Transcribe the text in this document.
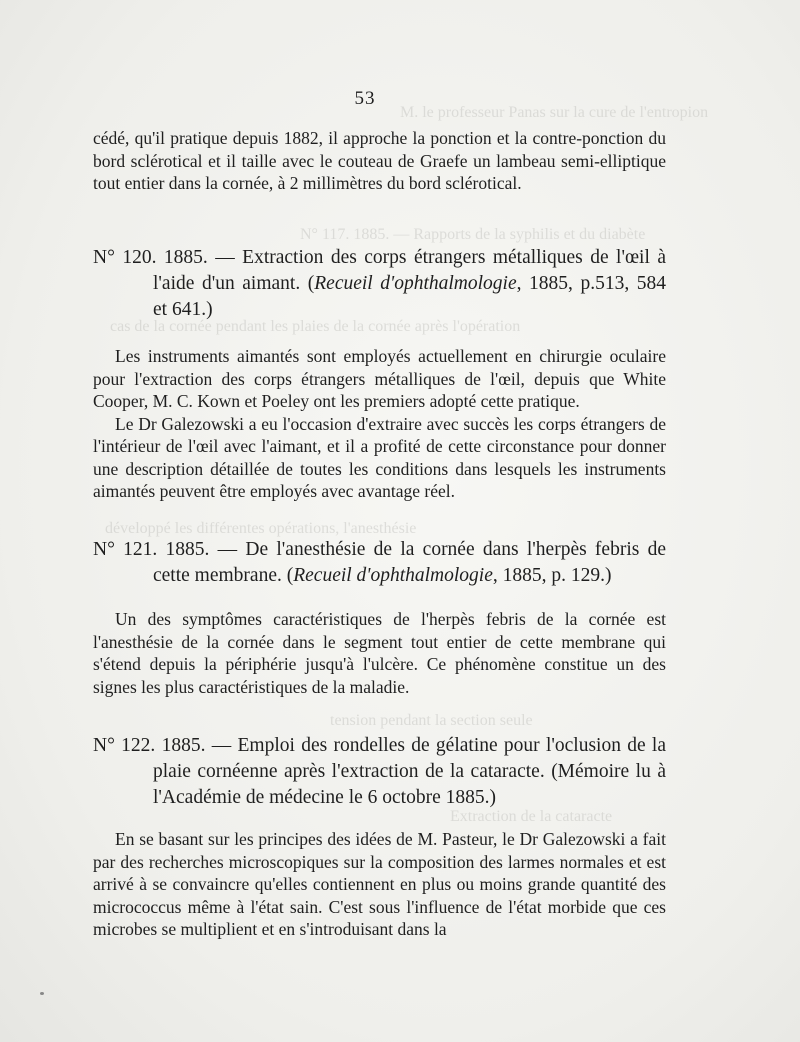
M. le professeur Panas sur la cure de l'entropion
N° 117. 1885. — Rapports de la syphilis et du diabète
cas de la cornée pendant les plaies de la cornée après l'opération
développé les différentes opérations, l'anesthésie
tension pendant la section seule
Extraction de la cataracte
53

cédé, qu'il pratique depuis 1882, il approche la ponction et la contre-ponction du bord sclérotical et il taille avec le couteau de Graefe un lambeau semi-elliptique tout entier dans la cornée, à 2 millimètres du bord sclérotical.

N° 120. 1885. — Extraction des corps étrangers métalliques de l'œil à l'aide d'un aimant. (Recueil d'ophthalmologie, 1885, p.513, 584 et 641.)

Les instruments aimantés sont employés actuellement en chirurgie oculaire pour l'extraction des corps étrangers métalliques de l'œil, depuis que White Cooper, M. C. Kown et Poeley ont les premiers adopté cette pratique.

Le Dr Galezowski a eu l'occasion d'extraire avec succès les corps étrangers de l'intérieur de l'œil avec l'aimant, et il a profité de cette circonstance pour donner une description détaillée de toutes les conditions dans lesquels les instruments aimantés peuvent être employés avec avantage réel.

N° 121. 1885. — De l'anesthésie de la cornée dans l'herpès febris de cette membrane. (Recueil d'ophthalmologie, 1885, p. 129.)

Un des symptômes caractéristiques de l'herpès febris de la cornée est l'anesthésie de la cornée dans le segment tout entier de cette membrane qui s'étend depuis la périphérie jusqu'à l'ulcère. Ce phénomène constitue un des signes les plus caractéristiques de la maladie.

N° 122. 1885. — Emploi des rondelles de gélatine pour l'oclusion de la plaie cornéenne après l'extraction de la cataracte. (Mémoire lu à l'Académie de médecine le 6 octobre 1885.)

En se basant sur les principes des idées de M. Pasteur, le Dr Galezowski a fait par des recherches microscopiques sur la composition des larmes normales et est arrivé à se convaincre qu'elles contiennent en plus ou moins grande quantité des micrococcus même à l'état sain. C'est sous l'influence de l'état morbide que ces microbes se multiplient et en s'introduisant dans la
